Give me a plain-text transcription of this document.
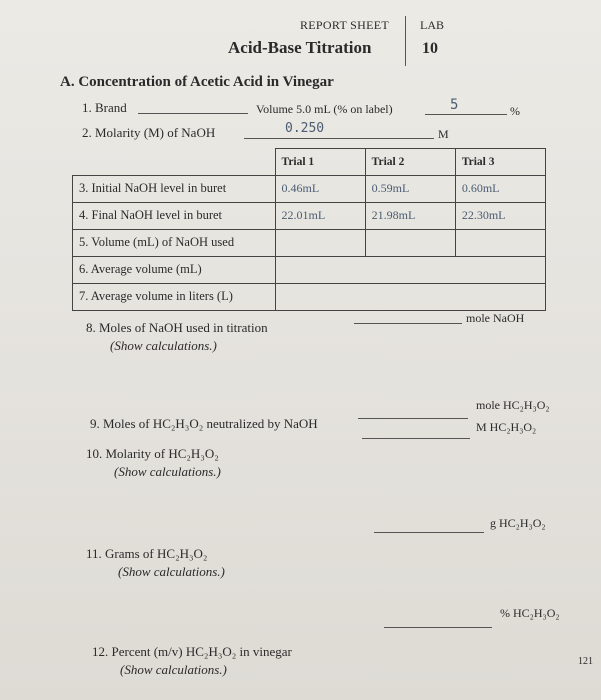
REPORT SHEET	LAB
Acid-Base Titration	10
A. Concentration of Acetic Acid in Vinegar
1. Brand	Volume 5.0 mL (% on label)	5	%
2. Molarity (M) of NaOH	0.250	M
	Trial 1	Trial 2	Trial 3
3. Initial NaOH level in buret	0.46mL	0.59mL	0.60mL
4. Final NaOH level in buret	22.01mL	21.98mL	22.30mL
5. Volume (mL) of NaOH used			
6. Average volume (mL)			
7. Average volume in liters (L)			
8. Moles of NaOH used in titration
(Show calculations.)
mole NaOH
9. Moles of HC₂H₃O₂ neutralized by NaOH
mole HC₂H₃O₂
10. Molarity of HC₂H₃O₂
(Show calculations.)
M HC₂H₃O₂
11. Grams of HC₂H₃O₂
(Show calculations.)
g HC₂H₃O₂
12. Percent (m/v) HC₂H₃O₂ in vinegar
(Show calculations.)
% HC₂H₃O₂
121
